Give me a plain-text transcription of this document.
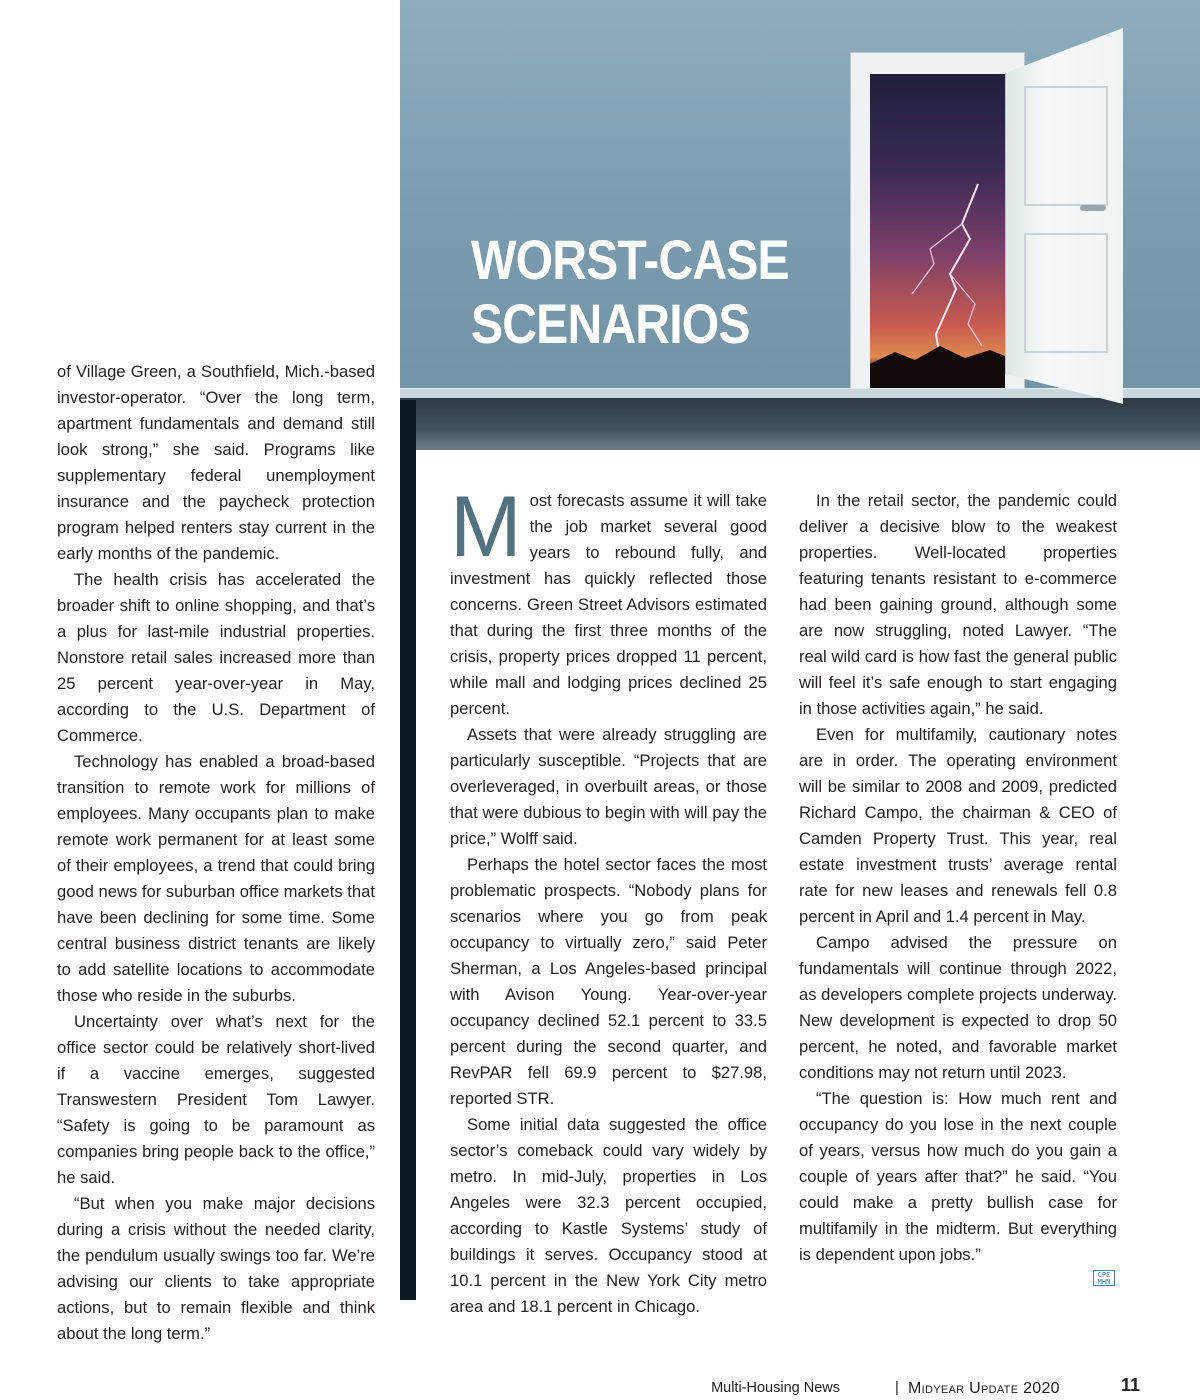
WORST-CASE
SCENARIOS

of Village Green, a Southfield, Mich.-based investor-operator. “Over the long term, apartment fundamentals and demand still look strong,” she said. Programs like supplementary federal unemployment insurance and the paycheck protection program helped renters stay current in the early months of the pandemic.

The health crisis has accelerated the broader shift to online shopping, and that’s a plus for last-mile industrial properties. Nonstore retail sales increased more than 25 percent year-over-year in May, according to the U.S. Department of Commerce.

Technology has enabled a broad-based transition to remote work for millions of employees. Many occupants plan to make remote work permanent for at least some of their employees, a trend that could bring good news for suburban office markets that have been declining for some time. Some central business district tenants are likely to add satellite locations to accommodate those who reside in the suburbs.

Uncertainty over what’s next for the office sector could be relatively short-lived if a vaccine emerges, suggested Transwestern President Tom Lawyer. “Safety is going to be paramount as companies bring people back to the office,” he said.

“But when you make major decisions during a crisis without the needed clarity, the pendulum usually swings too far. We’re advising our clients to take appropriate actions, but to remain flexible and think about the long term.”

Most forecasts assume it will take the job market several good years to rebound fully, and investment has quickly reflected those concerns. Green Street Advisors estimated that during the first three months of the crisis, property prices dropped 11 percent, while mall and lodging prices declined 25 percent.

Assets that were already struggling are particularly susceptible. “Projects that are overleveraged, in overbuilt areas, or those that were dubious to begin with will pay the price,” Wolff said.

Perhaps the hotel sector faces the most problematic prospects. “Nobody plans for scenarios where you go from peak occupancy to virtually zero,” said Peter Sherman, a Los Angeles-based principal with Avison Young. Year-over-year occupancy declined 52.1 percent to 33.5 percent during the second quarter, and RevPAR fell 69.9 percent to $27.98, reported STR.

Some initial data suggested the office sector’s comeback could vary widely by metro. In mid-July, properties in Los Angeles were 32.3 percent occupied, according to Kastle Systems’ study of buildings it serves. Occupancy stood at 10.1 percent in the New York City metro area and 18.1 percent in Chicago.

In the retail sector, the pandemic could deliver a decisive blow to the weakest properties. Well-located properties featuring tenants resistant to e-commerce had been gaining ground, although some are now struggling, noted Lawyer. “The real wild card is how fast the general public will feel it’s safe enough to start engaging in those activities again,” he said.

Even for multifamily, cautionary notes are in order. The operating environment will be similar to 2008 and 2009, predicted Richard Campo, the chairman & CEO of Camden Property Trust. This year, real estate investment trusts’ average rental rate for new leases and renewals fell 0.8 percent in April and 1.4 percent in May.

Campo advised the pressure on fundamentals will continue through 2022, as developers complete projects underway. New development is expected to drop 50 percent, he noted, and favorable market conditions may not return until 2023.

“The question is: How much rent and occupancy do you lose in the next couple of years, versus how much do you gain a couple of years after that?” he said. “You could make a pretty bullish case for multifamily in the midterm. But everything is dependent upon jobs.”

CPE MHN
Multi-Housing News	| Midyear Update 2020	11
